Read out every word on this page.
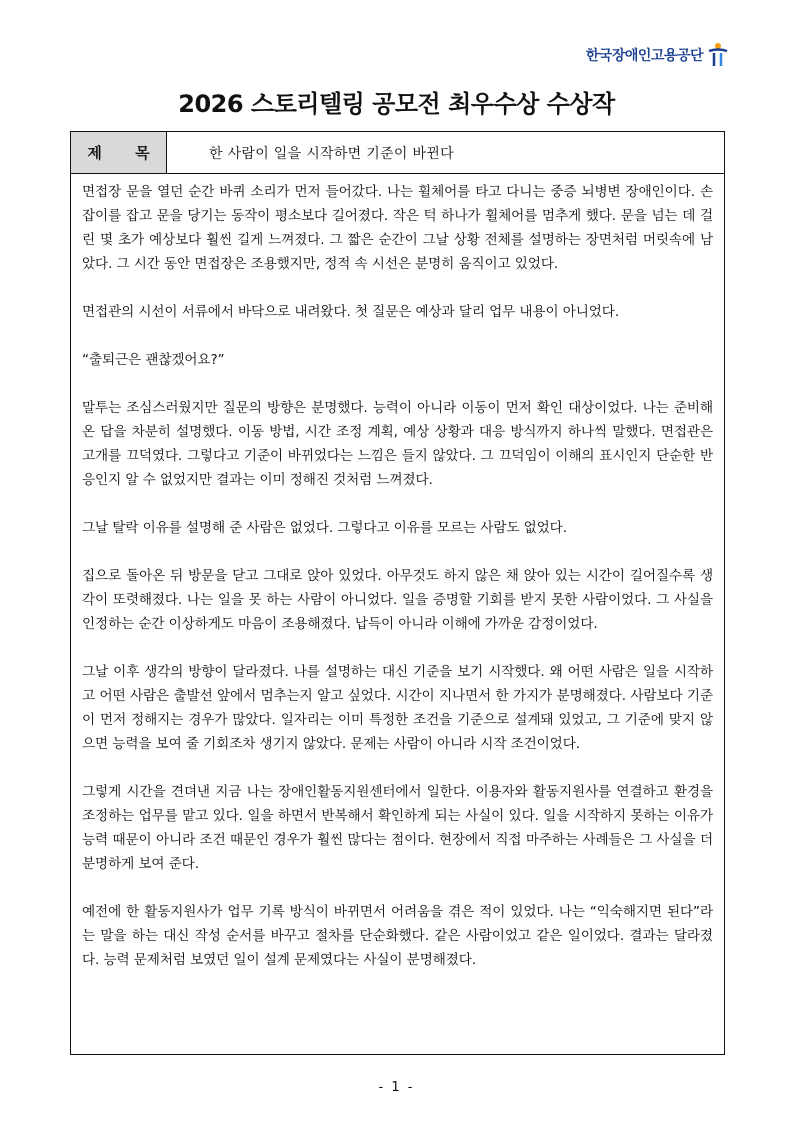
한국장애인고용공단
2026 스토리텔링 공모전 최우수상 수상작
제 목	한 사람이 일을 시작하면 기준이 바뀐다

면접장 문을 열던 순간 바퀴 소리가 먼저 들어갔다. 나는 휠체어를 타고 다니는 중증 뇌병변 장애인이다. 손잡이를 잡고 문을 당기는 동작이 평소보다 길어졌다. 작은 턱 하나가 휠체어를 멈추게 했다. 문을 넘는 데 걸린 몇 초가 예상보다 훨씬 길게 느껴졌다. 그 짧은 순간이 그날 상황 전체를 설명하는 장면처럼 머릿속에 남았다. 그 시간 동안 면접장은 조용했지만, 정적 속 시선은 분명히 움직이고 있었다.

면접관의 시선이 서류에서 바닥으로 내려왔다. 첫 질문은 예상과 달리 업무 내용이 아니었다.

“출퇴근은 괜찮겠어요?”

말투는 조심스러웠지만 질문의 방향은 분명했다. 능력이 아니라 이동이 먼저 확인 대상이었다. 나는 준비해 온 답을 차분히 설명했다. 이동 방법, 시간 조정 계획, 예상 상황과 대응 방식까지 하나씩 말했다. 면접관은 고개를 끄덕였다. 그렇다고 기준이 바뀌었다는 느낌은 들지 않았다. 그 끄덕임이 이해의 표시인지 단순한 반응인지 알 수 없었지만 결과는 이미 정해진 것처럼 느껴졌다.

그날 탈락 이유를 설명해 준 사람은 없었다. 그렇다고 이유를 모르는 사람도 없었다.

집으로 돌아온 뒤 방문을 닫고 그대로 앉아 있었다. 아무것도 하지 않은 채 앉아 있는 시간이 길어질수록 생각이 또렷해졌다. 나는 일을 못 하는 사람이 아니었다. 일을 증명할 기회를 받지 못한 사람이었다. 그 사실을 인정하는 순간 이상하게도 마음이 조용해졌다. 납득이 아니라 이해에 가까운 감정이었다.

그날 이후 생각의 방향이 달라졌다. 나를 설명하는 대신 기준을 보기 시작했다. 왜 어떤 사람은 일을 시작하고 어떤 사람은 출발선 앞에서 멈추는지 알고 싶었다. 시간이 지나면서 한 가지가 분명해졌다. 사람보다 기준이 먼저 정해지는 경우가 많았다. 일자리는 이미 특정한 조건을 기준으로 설계돼 있었고, 그 기준에 맞지 않으면 능력을 보여 줄 기회조차 생기지 않았다. 문제는 사람이 아니라 시작 조건이었다.

그렇게 시간을 견뎌낸 지금 나는 장애인활동지원센터에서 일한다. 이용자와 활동지원사를 연결하고 환경을 조정하는 업무를 맡고 있다. 일을 하면서 반복해서 확인하게 되는 사실이 있다. 일을 시작하지 못하는 이유가 능력 때문이 아니라 조건 때문인 경우가 훨씬 많다는 점이다. 현장에서 직접 마주하는 사례들은 그 사실을 더 분명하게 보여 준다.

예전에 한 활동지원사가 업무 기록 방식이 바뀌면서 어려움을 겪은 적이 있었다. 나는 “익숙해지면 된다”라는 말을 하는 대신 작성 순서를 바꾸고 절차를 단순화했다. 같은 사람이었고 같은 일이었다. 결과는 달라졌다. 능력 문제처럼 보였던 일이 설계 문제였다는 사실이 분명해졌다.

- 1 -
